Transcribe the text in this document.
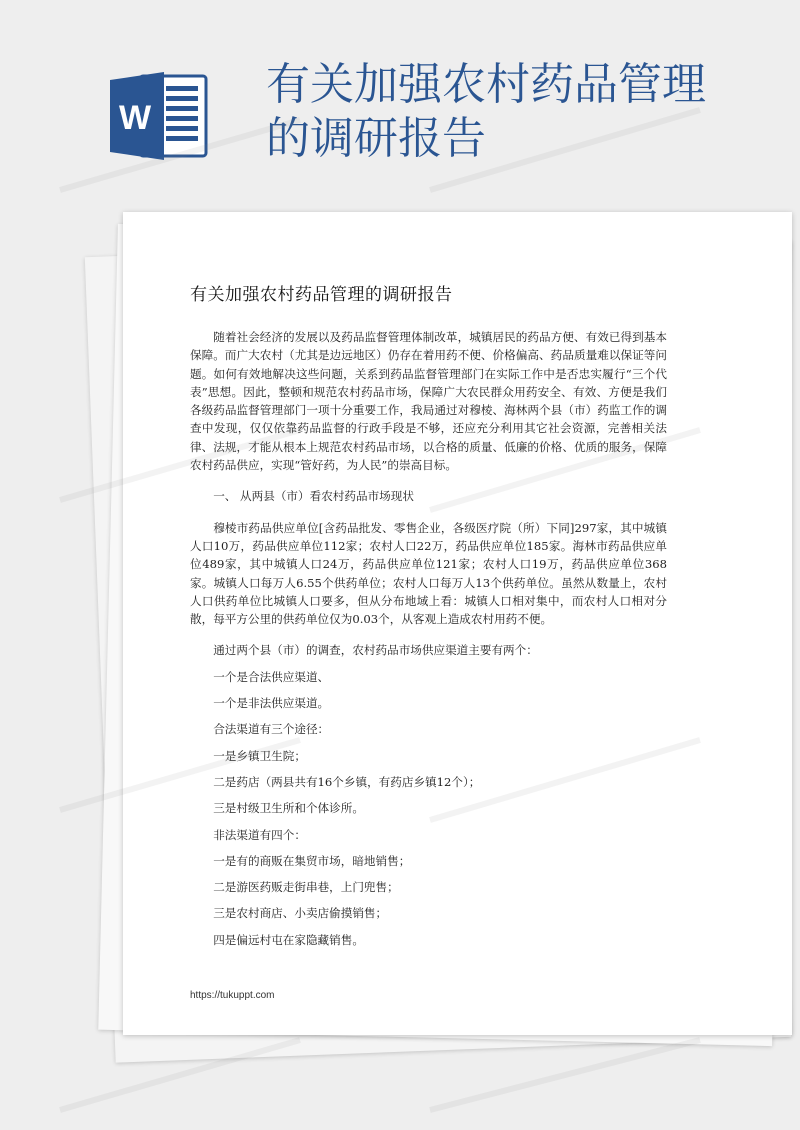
W
有关加强农村药品管理
的调研报告
有关加强农村药品管理的调研报告

随着社会经济的发展以及药品监督管理体制改革，城镇居民的药品方便、有效已得到基本保障。而广大农村（尤其是边远地区）仍存在着用药不便、价格偏高、药品质量难以保证等问题。如何有效地解决这些问题，关系到药品监督管理部门在实际工作中是否忠实履行“三个代表”思想。因此，整顿和规范农村药品市场，保障广大农民群众用药安全、有效、方便是我们各级药品监督管理部门一项十分重要工作，我局通过对穆棱、海林两个县（市）药监工作的调查中发现，仅仅依靠药品监督的行政手段是不够，还应充分利用其它社会资源，完善相关法律、法规，才能从根本上规范农村药品市场，以合格的质量、低廉的价格、优质的服务，保障农村药品供应，实现“管好药，为人民”的崇高目标。

一、 从两县（市）看农村药品市场现状

穆棱市药品供应单位[含药品批发、零售企业，各级医疗院（所）下同]297家，其中城镇人口10万，药品供应单位112家；农村人口22万，药品供应单位185家。海林市药品供应单位489家，其中城镇人口24万，药品供应单位121家；农村人口19万，药品供应单位368家。城镇人口每万人6.55个供药单位；农村人口每万人13个供药单位。虽然从数量上，农村人口供药单位比城镇人口要多，但从分布地域上看：城镇人口相对集中，而农村人口相对分散，每平方公里的供药单位仅为0.03个，从客观上造成农村用药不便。

通过两个县（市）的调查，农村药品市场供应渠道主要有两个：
一个是合法供应渠道、
一个是非法供应渠道。
合法渠道有三个途径：
一是乡镇卫生院；
二是药店（两县共有16个乡镇，有药店乡镇12个）；
三是村级卫生所和个体诊所。
非法渠道有四个：
一是有的商贩在集贸市场，暗地销售；
二是游医药贩走街串巷，上门兜售；
三是农村商店、小卖店偷摸销售；
四是偏远村屯在家隐藏销售。
https://tukuppt.com
